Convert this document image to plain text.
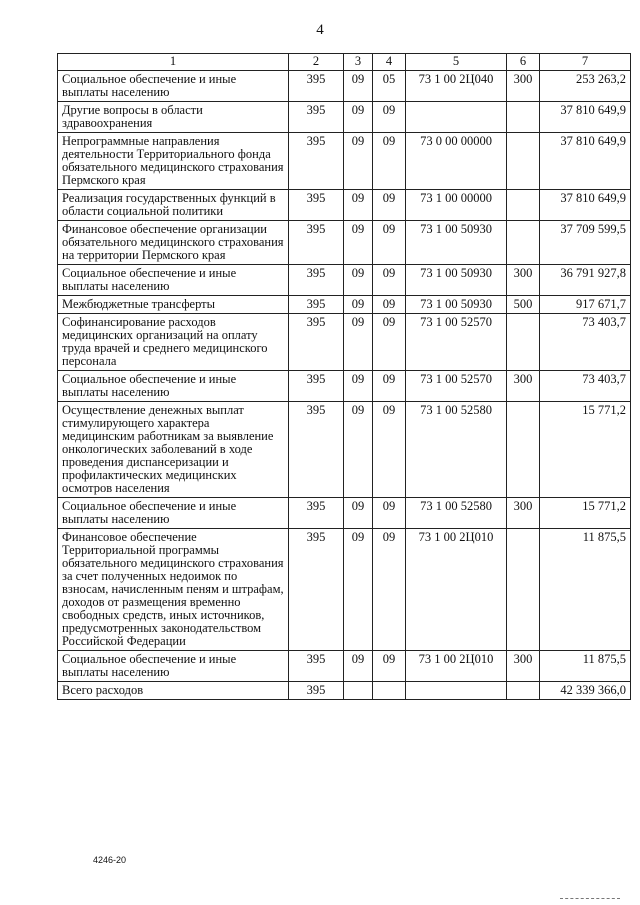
4
1	2	3	4	5	6	7
Социальное обеспечение и иные выплаты населению	395	09	05	73 1 00 2Ц040	300	253 263,2
Другие вопросы в области здравоохранения	395	09	09			37 810 649,9
Непрограммные направления деятельности Территориального фонда обязательного медицинского страхования Пермского края	395	09	09	73 0 00 00000		37 810 649,9
Реализация государственных функций в области социальной политики	395	09	09	73 1 00 00000		37 810 649,9
Финансовое обеспечение организации обязательного медицинского страхования на территории Пермского края	395	09	09	73 1 00 50930		37 709 599,5
Социальное обеспечение и иные выплаты населению	395	09	09	73 1 00 50930	300	36 791 927,8
Межбюджетные трансферты	395	09	09	73 1 00 50930	500	917 671,7
Софинансирование расходов медицинских организаций на оплату труда врачей и среднего медицинского персонала	395	09	09	73 1 00 52570		73 403,7
Социальное обеспечение и иные выплаты населению	395	09	09	73 1 00 52570	300	73 403,7
Осуществление денежных выплат стимулирующего характера медицинским работникам за выявление онкологических заболеваний в ходе проведения диспансеризации и профилактических медицинских осмотров населения	395	09	09	73 1 00 52580		15 771,2
Социальное обеспечение и иные выплаты населению	395	09	09	73 1 00 52580	300	15 771,2
Финансовое обеспечение Территориальной программы обязательного медицинского страхования за счет полученных недоимок по взносам, начисленным пеням и штрафам, доходов от размещения временно свободных средств, иных источников, предусмотренных законодательством Российской Федерации	395	09	09	73 1 00 2Ц010		11 875,5
Социальное обеспечение и иные выплаты населению	395	09	09	73 1 00 2Ц010	300	11 875,5
Всего расходов	395					42 339 366,0
4246-20
